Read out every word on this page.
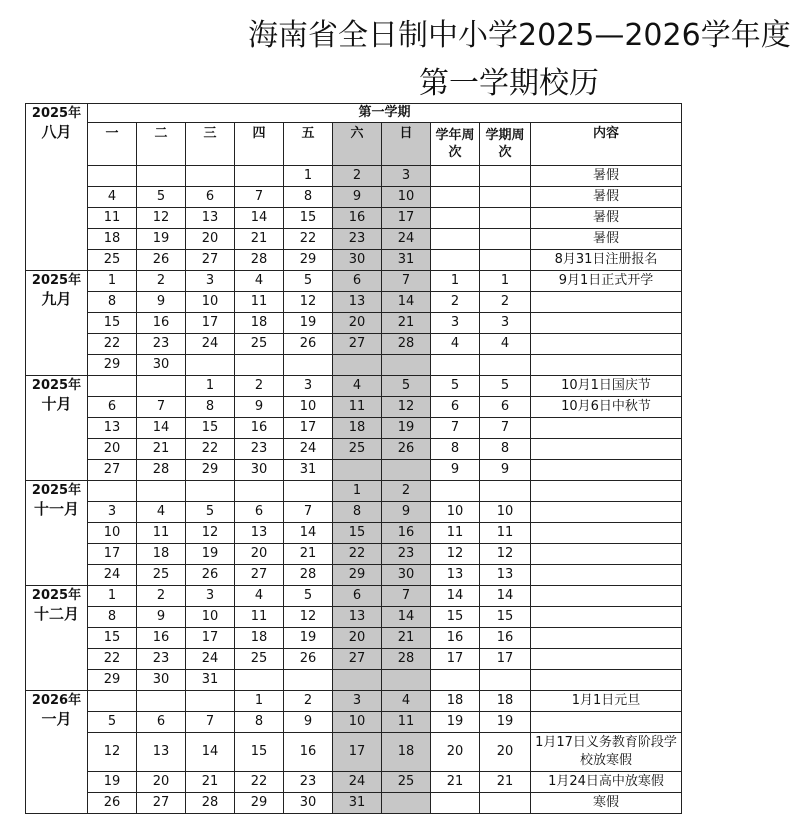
海南省全日制中小学2025—2026学年度
第一学期校历
2025年
八月	第一学期									
	一	二	三	四	五	六	日	学年周次	学期周次	内容
					1	2	3			暑假
	4	5	6	7	8	9	10			暑假
	11	12	13	14	15	16	17			暑假
	18	19	20	21	22	23	24			暑假
	25	26	27	28	29	30	31			8月31日注册报名
2025年
九月	1	2	3	4	5	6	7	1	1	9月1日正式开学
	8	9	10	11	12	13	14	2	2	
	15	16	17	18	19	20	21	3	3	
	22	23	24	25	26	27	28	4	4	
	29	30								
2025年
十月			1	2	3	4	5	5	5	10月1日国庆节
	6	7	8	9	10	11	12	6	6	10月6日中秋节
	13	14	15	16	17	18	19	7	7	
	20	21	22	23	24	25	26	8	8	
	27	28	29	30	31			9	9	
2025年
十一月						1	2			
	3	4	5	6	7	8	9	10	10	
	10	11	12	13	14	15	16	11	11	
	17	18	19	20	21	22	23	12	12	
	24	25	26	27	28	29	30	13	13	
2025年
十二月	1	2	3	4	5	6	7	14	14	
	8	9	10	11	12	13	14	15	15	
	15	16	17	18	19	20	21	16	16	
	22	23	24	25	26	27	28	17	17	
	29	30	31							
2026年
一月				1	2	3	4	18	18	1月1日元旦
	5	6	7	8	9	10	11	19	19	
	12	13	14	15	16	17	18	20	20	1月17日义务教育阶段学校放寒假
	19	20	21	22	23	24	25	21	21	1月24日高中放寒假
	26	27	28	29	30	31				寒假
